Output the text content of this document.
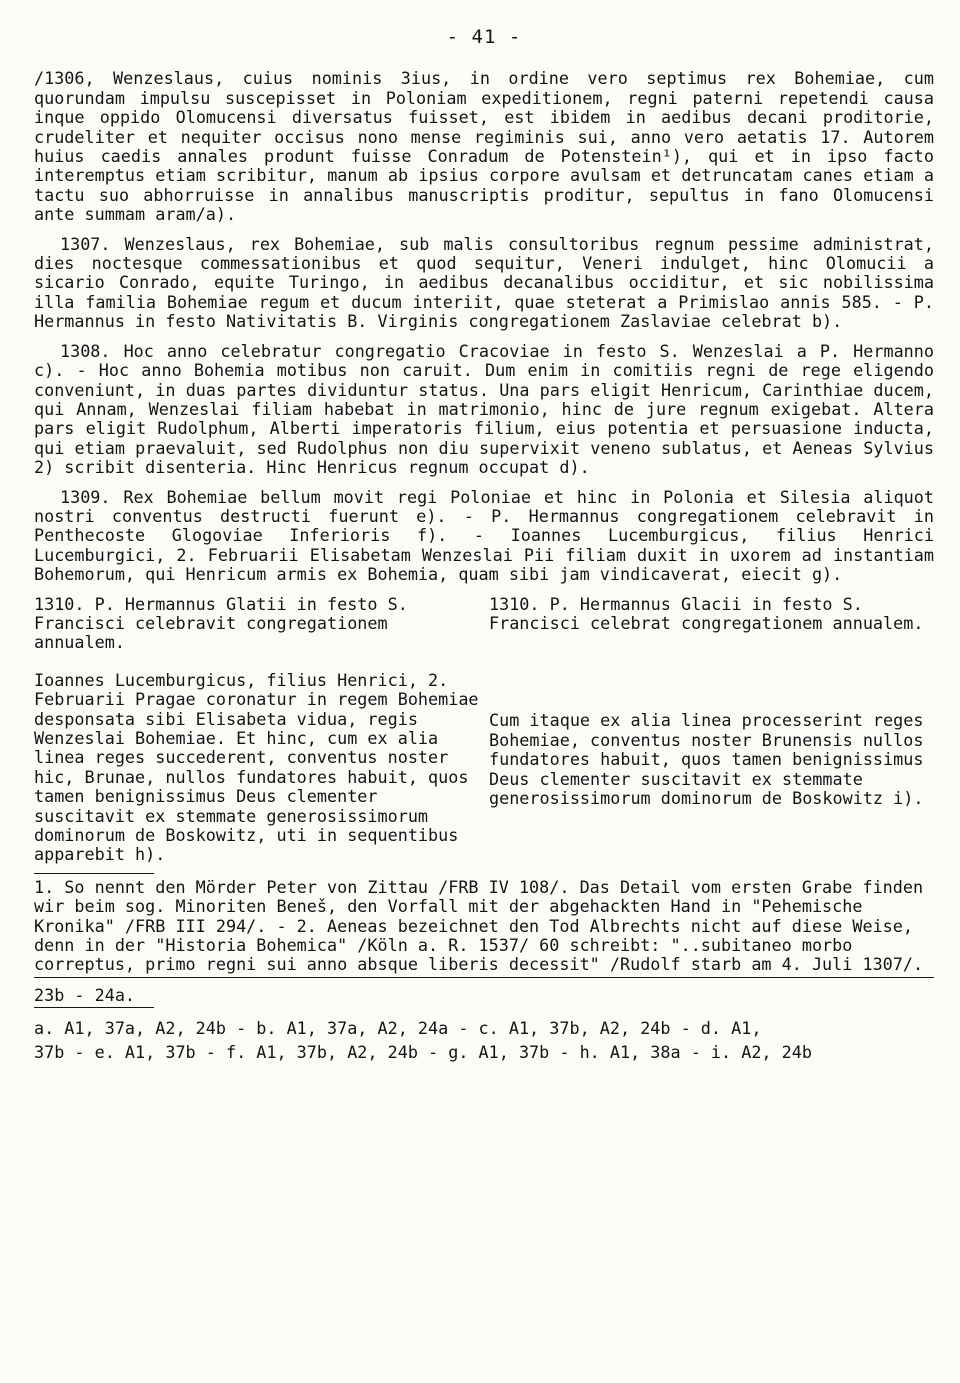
- 41 -

/1306, Wenzeslaus, cuius nominis 3ius, in ordine vero septimus rex Bohemiae, cum quorundam impulsu suscepisset in Poloniam expeditionem, regni paterni repetendi causa inque oppido Olomucensi diversatus fuisset, est ibidem in aedibus decani proditorie, crudeliter et nequiter occisus nono mense regiminis sui, anno vero aetatis 17. Autorem huius caedis annales produnt fuisse Conradum de Potenstein¹), qui et in ipso facto interemptus etiam scribitur, manum ab ipsius corpore avulsam et detruncatam canes etiam a tactu suo abhorruisse in annalibus manuscriptis proditur, sepultus in fano Olomucensi ante summam aram/a).

1307. Wenzeslaus, rex Bohemiae, sub malis consultoribus regnum pessime administrat, dies noctesque commessationibus et quod sequitur, Veneri indulget, hinc Olomucii a sicario Conrado, equite Turingo, in aedibus decanalibus occiditur, et sic nobilissima illa familia Bohemiae regum et ducum interiit, quae steterat a Primislao annis 585. - P. Hermannus in festo Nativitatis B. Virginis congregationem Zaslaviae celebrat b).

1308. Hoc anno celebratur congregatio Cracoviae in festo S. Wenzeslai a P. Hermanno c). - Hoc anno Bohemia motibus non caruit. Dum enim in comitiis regni de rege eligendo conveniunt, in duas partes dividuntur status. Una pars eligit Henricum, Carinthiae ducem, qui Annam, Wenzeslai filiam habebat in matrimonio, hinc de jure regnum exigebat. Altera pars eligit Rudolphum, Alberti imperatoris filium, eius potentia et persuasione inducta, qui etiam praevaluit, sed Rudolphus non diu supervixit veneno sublatus, et Aeneas Sylvius 2) scribit disenteria. Hinc Henricus regnum occupat d).

1309. Rex Bohemiae bellum movit regi Poloniae et hinc in Polonia et Silesia aliquot nostri conventus destructi fuerunt e). - P. Hermannus congregationem celebravit in Penthecoste Glogoviae Inferioris f). - Ioannes Lucemburgicus, filius Henrici Lucemburgici, 2. Februarii Elisabetam Wenzeslai Pii filiam duxit in uxorem ad instantiam Bohemorum, qui Henricum armis ex Bohemia, quam sibi jam vindicaverat, eiecit g).

1310. P. Hermannus Glatii in festo S. Francisci celebravit congregationem annualem.

Ioannes Lucemburgicus, filius Henrici, 2. Februarii Pragae coronatur in regem Bohemiae desponsata sibi Elisabeta vidua, regis Wenzeslai Bohemiae. Et hinc, cum ex alia linea reges succederent, conventus noster hic, Brunae, nullos fundatores habuit, quos tamen benignissimus Deus clementer suscitavit ex stemmate generosissimorum dominorum de Boskowitz, uti in sequentibus apparebit h).

1310. P. Hermannus Glacii in festo S. Francisci celebrat congregationem annualem.

Cum itaque ex alia linea processerint reges Bohemiae, conventus noster Brunensis nullos fundatores habuit, quos tamen benignissimus Deus clementer suscitavit ex stemmate generosissimorum dominorum de Boskowitz i).

1. So nennt den Mörder Peter von Zittau /FRB IV 108/. Das Detail vom ersten Grabe finden wir beim sog. Minoriten Beneš, den Vorfall mit der abgehackten Hand in "Pehemische Kronika" /FRB III 294/. - 2. Aeneas bezeichnet den Tod Albrechts nicht auf diese Weise, denn in der "Historia Bohemica" /Köln a. R. 1537/ 60 schreibt: "..subitaneo morbo correptus, primo regni sui anno absque liberis decessit" /Rudolf starb am 4. Juli 1307/.

23b - 24a.

a. A1, 37a, A2, 24b - b. A1, 37a, A2, 24a - c. A1, 37b, A2, 24b - d. A1,

37b - e. A1, 37b - f. A1, 37b, A2, 24b - g. A1, 37b - h. A1, 38a - i. A2, 24b
